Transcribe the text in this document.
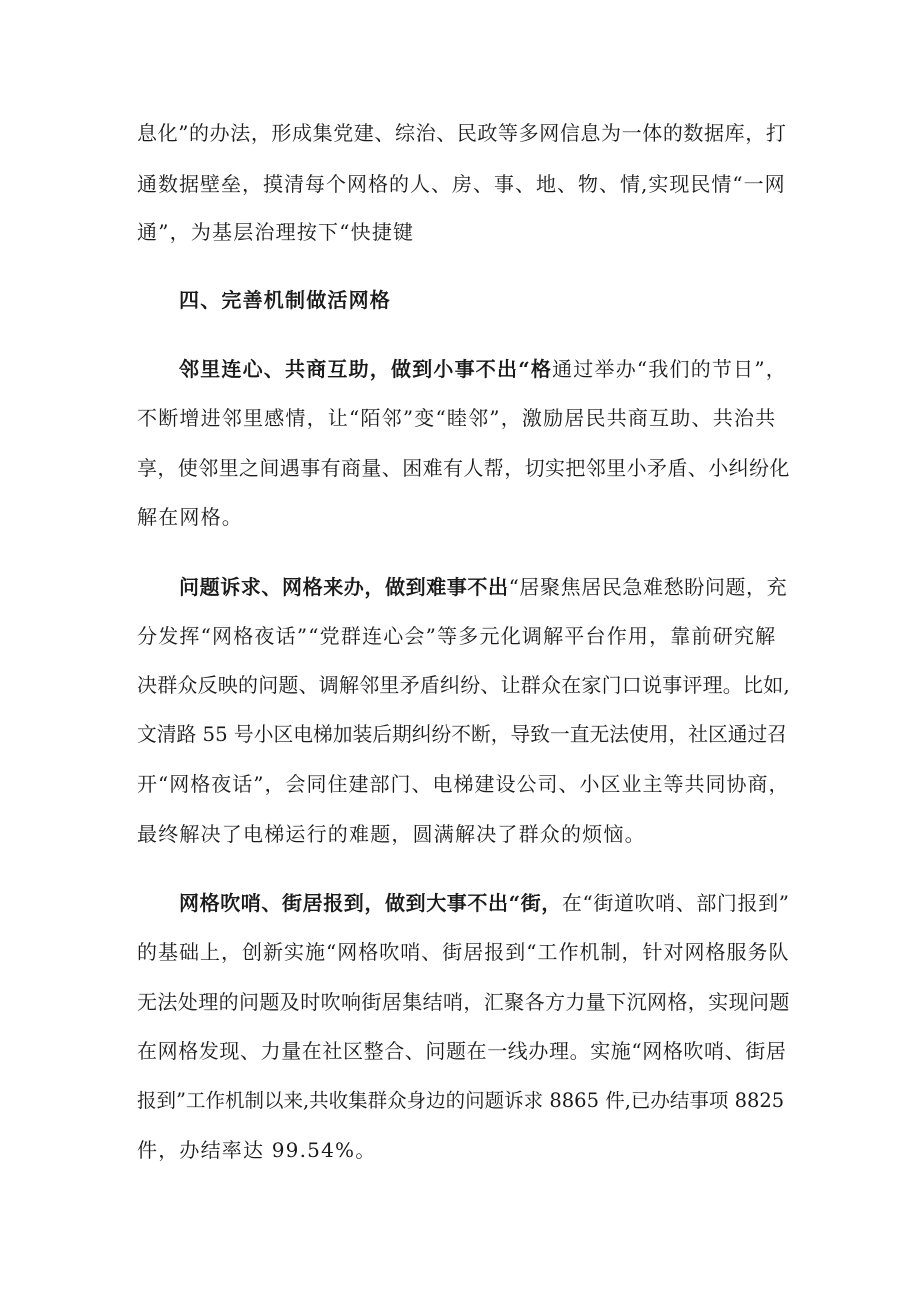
息化”的办法，形成集党建、综治、民政等多网信息为一体的数据库，打
通数据壁垒，摸清每个网格的人、房、事、地、物、情,实现民情“一网
通”，为基层治理按下“快捷键
四、完善机制做活网格
邻里连心、共商互助，做到小事不出“格通过举办“我们的节日”，
不断增进邻里感情，让“陌邻”变“睦邻”，激励居民共商互助、共治共
享，使邻里之间遇事有商量、困难有人帮，切实把邻里小矛盾、小纠纷化
解在网格。
问题诉求、网格来办，做到难事不出“居聚焦居民急难愁盼问题，充
分发挥“网格夜话”“党群连心会”等多元化调解平台作用，靠前研究解
决群众反映的问题、调解邻里矛盾纠纷、让群众在家门口说事评理。比如,
文清路 55 号小区电梯加装后期纠纷不断，导致一直无法使用，社区通过召
开“网格夜话”，会同住建部门、电梯建设公司、小区业主等共同协商，
最终解决了电梯运行的难题，圆满解决了群众的烦恼。
网格吹哨、街居报到，做到大事不出“街，在“街道吹哨、部门报到”
的基础上，创新实施“网格吹哨、街居报到“工作机制，针对网格服务队
无法处理的问题及时吹响街居集结哨，汇聚各方力量下沉网格，实现问题
在网格发现、力量在社区整合、问题在一线办理。实施“网格吹哨、街居
报到”工作机制以来,共收集群众身边的问题诉求 8865 件,已办结事项 8825
件，办结率达 99.54%。
